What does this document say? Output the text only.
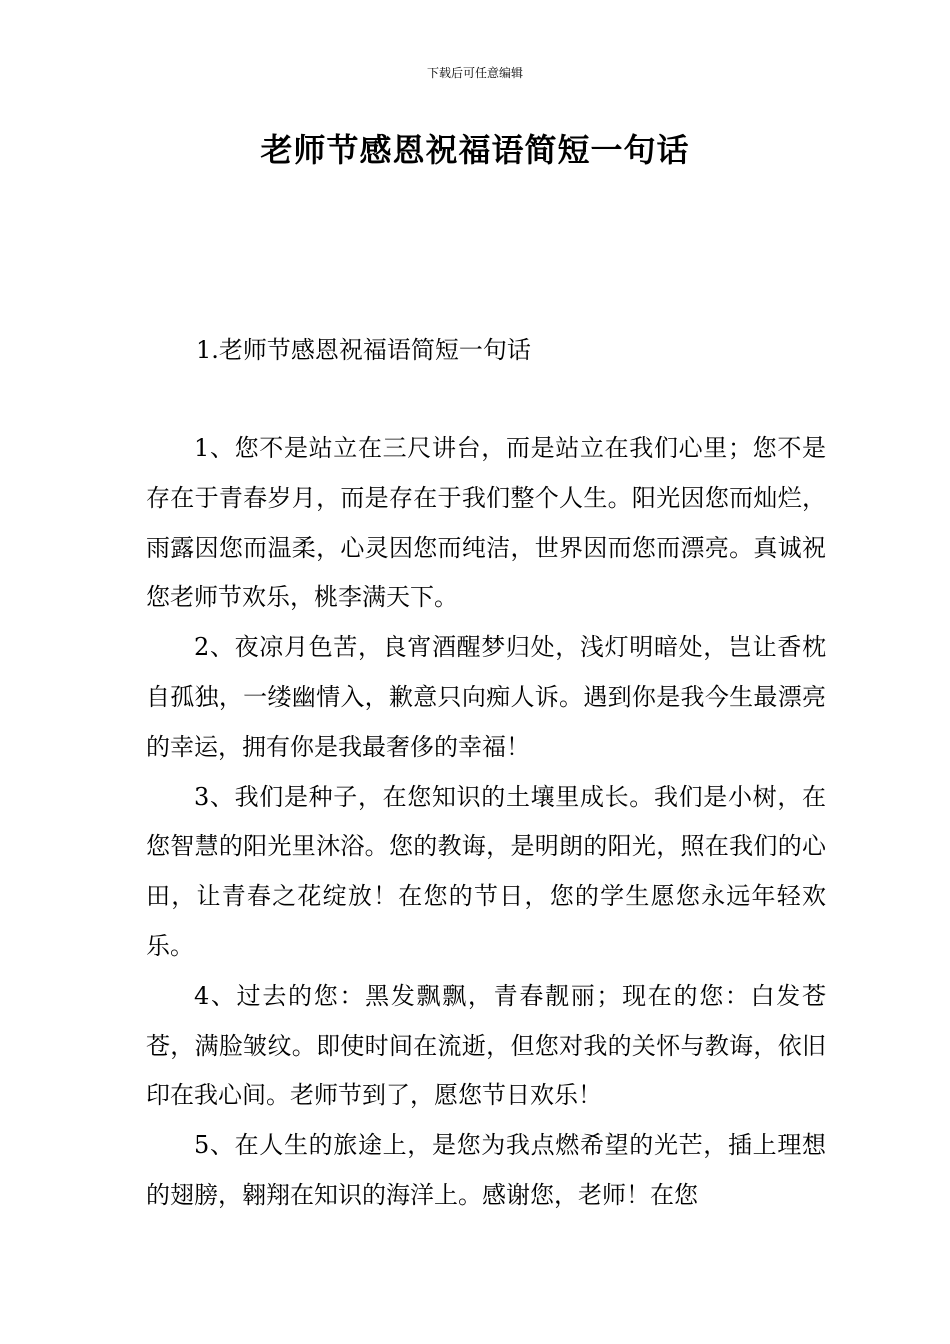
下载后可任意编辑
老师节感恩祝福语简短一句话
1.老师节感恩祝福语简短一句话

1、您不是站立在三尺讲台，而是站立在我们心里；您不是存在于青春岁月，而是存在于我们整个人生。阳光因您而灿烂，雨露因您而温柔，心灵因您而纯洁，世界因而您而漂亮。真诚祝您老师节欢乐，桃李满天下。

2、夜凉月色苦，良宵酒醒梦归处，浅灯明暗处，岂让香枕自孤独，一缕幽情入，歉意只向痴人诉。遇到你是我今生最漂亮的幸运，拥有你是我最奢侈的幸福！

3、我们是种子，在您知识的土壤里成长。我们是小树，在您智慧的阳光里沐浴。您的教诲，是明朗的阳光，照在我们的心田，让青春之花绽放！在您的节日，您的学生愿您永远年轻欢乐。

4、过去的您：黑发飘飘，青春靓丽；现在的您：白发苍苍，满脸皱纹。即使时间在流逝，但您对我的关怀与教诲，依旧印在我心间。老师节到了，愿您节日欢乐！

5、在人生的旅途上，是您为我点燃希望的光芒，插上理想的翅膀，翱翔在知识的海洋上。感谢您，老师！在您
